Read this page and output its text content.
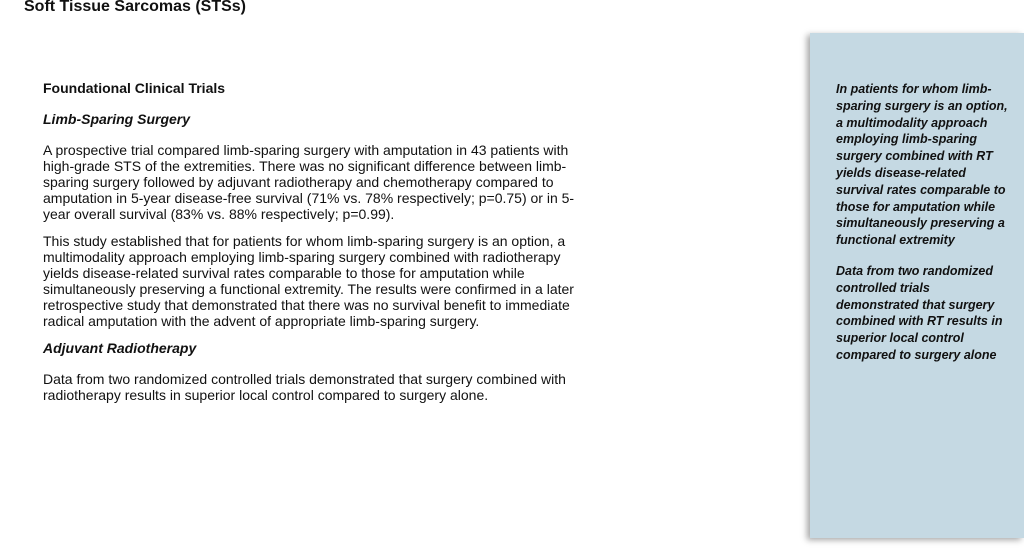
Soft Tissue Sarcomas (STSs)
Foundational Clinical Trials
Limb-Sparing Surgery

A prospective trial compared limb-sparing surgery with amputation in 43 patients with high-grade STS of the extremities. There was no significant difference between limb-sparing surgery followed by adjuvant radiotherapy and chemotherapy compared to amputation in 5-year disease-free survival (71% vs. 78% respectively; p=0.75) or in 5-year overall survival (83% vs. 88% respectively; p=0.99).

This study established that for patients for whom limb-sparing surgery is an option, a multimodality approach employing limb-sparing surgery combined with radiotherapy yields disease-related survival rates comparable to those for amputation while simultaneously preserving a functional extremity. The results were confirmed in a later retrospective study that demonstrated that there was no survival benefit to immediate radical amputation with the advent of appropriate limb-sparing surgery.

Adjuvant Radiotherapy

Data from two randomized controlled trials demonstrated that surgery combined with radiotherapy results in superior local control compared to surgery alone.

In patients for whom limb-sparing surgery is an option, a multimodality approach employing limb-sparing surgery combined with RT yields disease-related survival rates comparable to those for amputation while simultaneously preserving a functional extremity

Data from two randomized controlled trials demonstrated that surgery combined with RT results in superior local control compared to surgery alone
